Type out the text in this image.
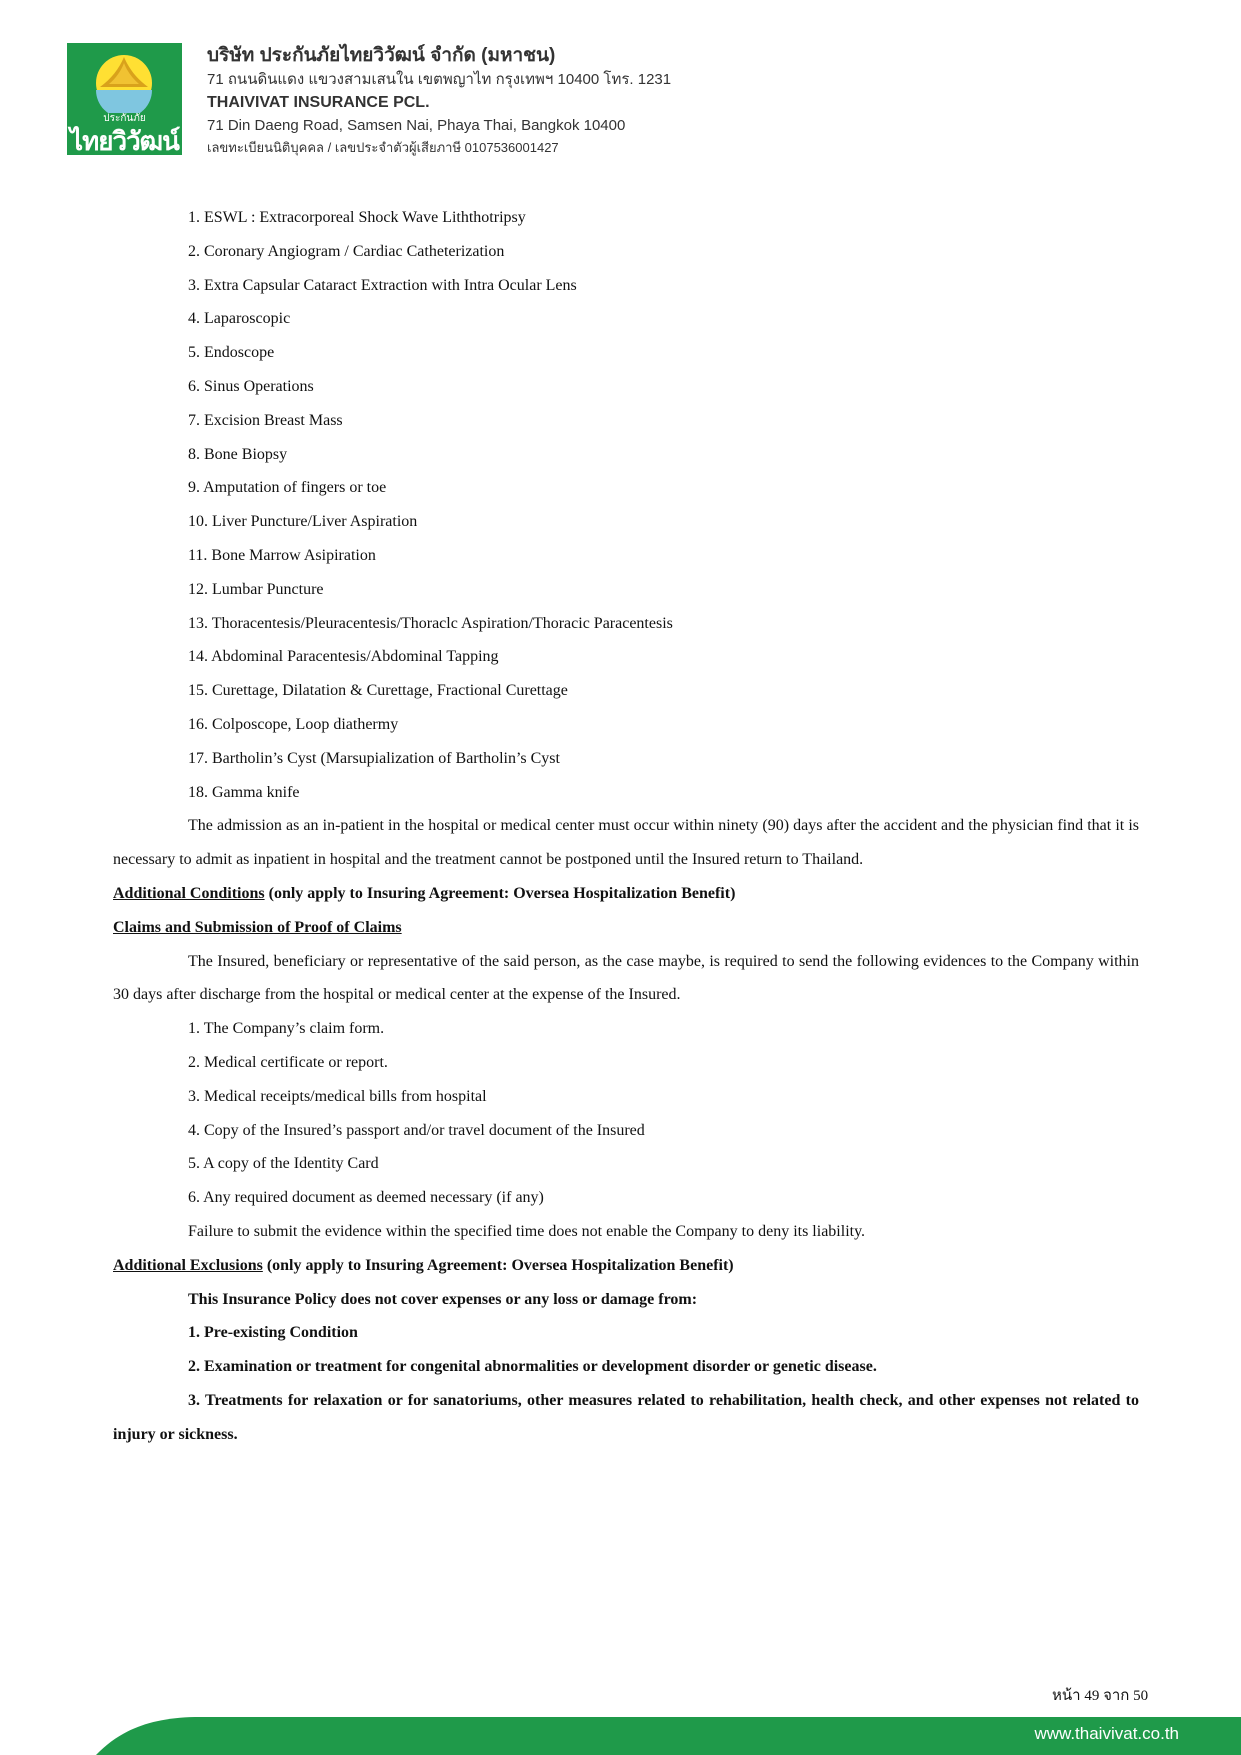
ประกันภัย
ไทยวิวัฒน์
บริษัท ประกันภัยไทยวิวัฒน์ จำกัด (มหาชน)
71 ถนนดินแดง แขวงสามเสนใน เขตพญาไท กรุงเทพฯ 10400 โทร. 1231
THAIVIVAT INSURANCE PCL.
71 Din Daeng Road, Samsen Nai, Phaya Thai, Bangkok 10400
เลขทะเบียนนิติบุคคล / เลขประจำตัวผู้เสียภาษี 0107536001427
1. ESWL : Extracorporeal Shock Wave Liththotripsy
2. Coronary Angiogram / Cardiac Catheterization
3. Extra Capsular Cataract Extraction with Intra Ocular Lens
4. Laparoscopic
5. Endoscope
6. Sinus Operations
7. Excision Breast Mass
8. Bone Biopsy
9. Amputation of fingers or toe
10. Liver Puncture/Liver Aspiration
11. Bone Marrow Asipiration
12. Lumbar Puncture
13. Thoracentesis/Pleuracentesis/Thoraclc Aspiration/Thoracic Paracentesis
14. Abdominal Paracentesis/Abdominal Tapping
15. Curettage, Dilatation & Curettage, Fractional Curettage
16. Colposcope, Loop diathermy
17. Bartholin’s Cyst (Marsupialization of Bartholin’s Cyst
18. Gamma knife
The admission as an in-patient in the hospital or medical center must occur within ninety (90) days after the accident and the physician find that it is necessary to admit as inpatient in hospital and the treatment cannot be postponed until the Insured return to Thailand.
Additional Conditions (only apply to Insuring Agreement: Oversea Hospitalization Benefit)
Claims and Submission of Proof of Claims
The Insured, beneficiary or representative of the said person, as the case maybe, is required to send the following evidences to the Company within 30 days after discharge from the hospital or medical center at the expense of the Insured.
1. The Company’s claim form.
2. Medical certificate or report.
3. Medical receipts/medical bills from hospital
4. Copy of the Insured’s passport and/or travel document of the Insured
5. A copy of the Identity Card
6. Any required document as deemed necessary (if any)
Failure to submit the evidence within the specified time does not enable the Company to deny its liability.
Additional Exclusions (only apply to Insuring Agreement: Oversea Hospitalization Benefit)
This Insurance Policy does not cover expenses or any loss or damage from:
1. Pre-existing Condition
2. Examination or treatment for congenital abnormalities or development disorder or genetic disease.
3. Treatments for relaxation or for sanatoriums, other measures related to rehabilitation, health check, and other expenses not related to injury or sickness.
หน้า 49 จาก 50
www.thaivivat.co.th
